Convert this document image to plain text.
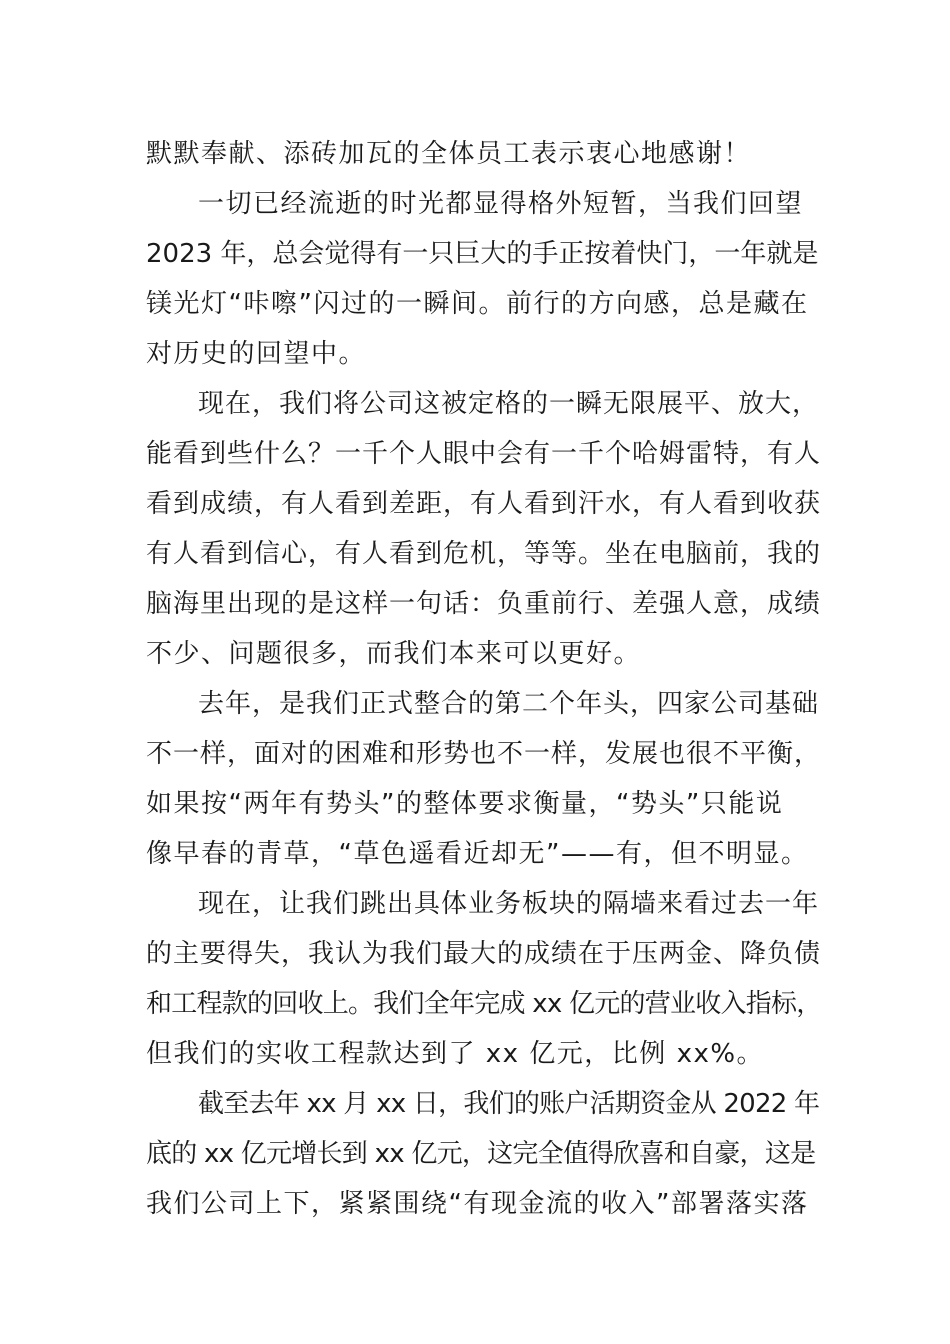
默默奉献、添砖加瓦的全体员工表示衷心地感谢！
一切已经流逝的时光都显得格外短暂，当我们回望
2023 年，总会觉得有一只巨大的手正按着快门，一年就是
镁光灯“咔嚓”闪过的一瞬间。前行的方向感，总是藏在
对历史的回望中。
现在，我们将公司这被定格的一瞬无限展平、放大，
能看到些什么？一千个人眼中会有一千个哈姆雷特，有人
看到成绩，有人看到差距，有人看到汗水，有人看到收获
有人看到信心，有人看到危机，等等。坐在电脑前，我的
脑海里出现的是这样一句话：负重前行、差强人意，成绩
不少、问题很多，而我们本来可以更好。
去年，是我们正式整合的第二个年头，四家公司基础
不一样，面对的困难和形势也不一样，发展也很不平衡，
如果按“两年有势头”的整体要求衡量，“势头”只能说
像早春的青草，“草色遥看近却无”——有，但不明显。
现在，让我们跳出具体业务板块的隔墙来看过去一年
的主要得失，我认为我们最大的成绩在于压两金、降负债
和工程款的回收上。我们全年完成 xx 亿元的营业收入指标，
但我们的实收工程款达到了 xx 亿元，比例 xx%。
截至去年 xx 月 xx 日，我们的账户活期资金从 2022 年
底的 xx 亿元增长到 xx 亿元，这完全值得欣喜和自豪，这是
我们公司上下，紧紧围绕“有现金流的收入”部署落实落
